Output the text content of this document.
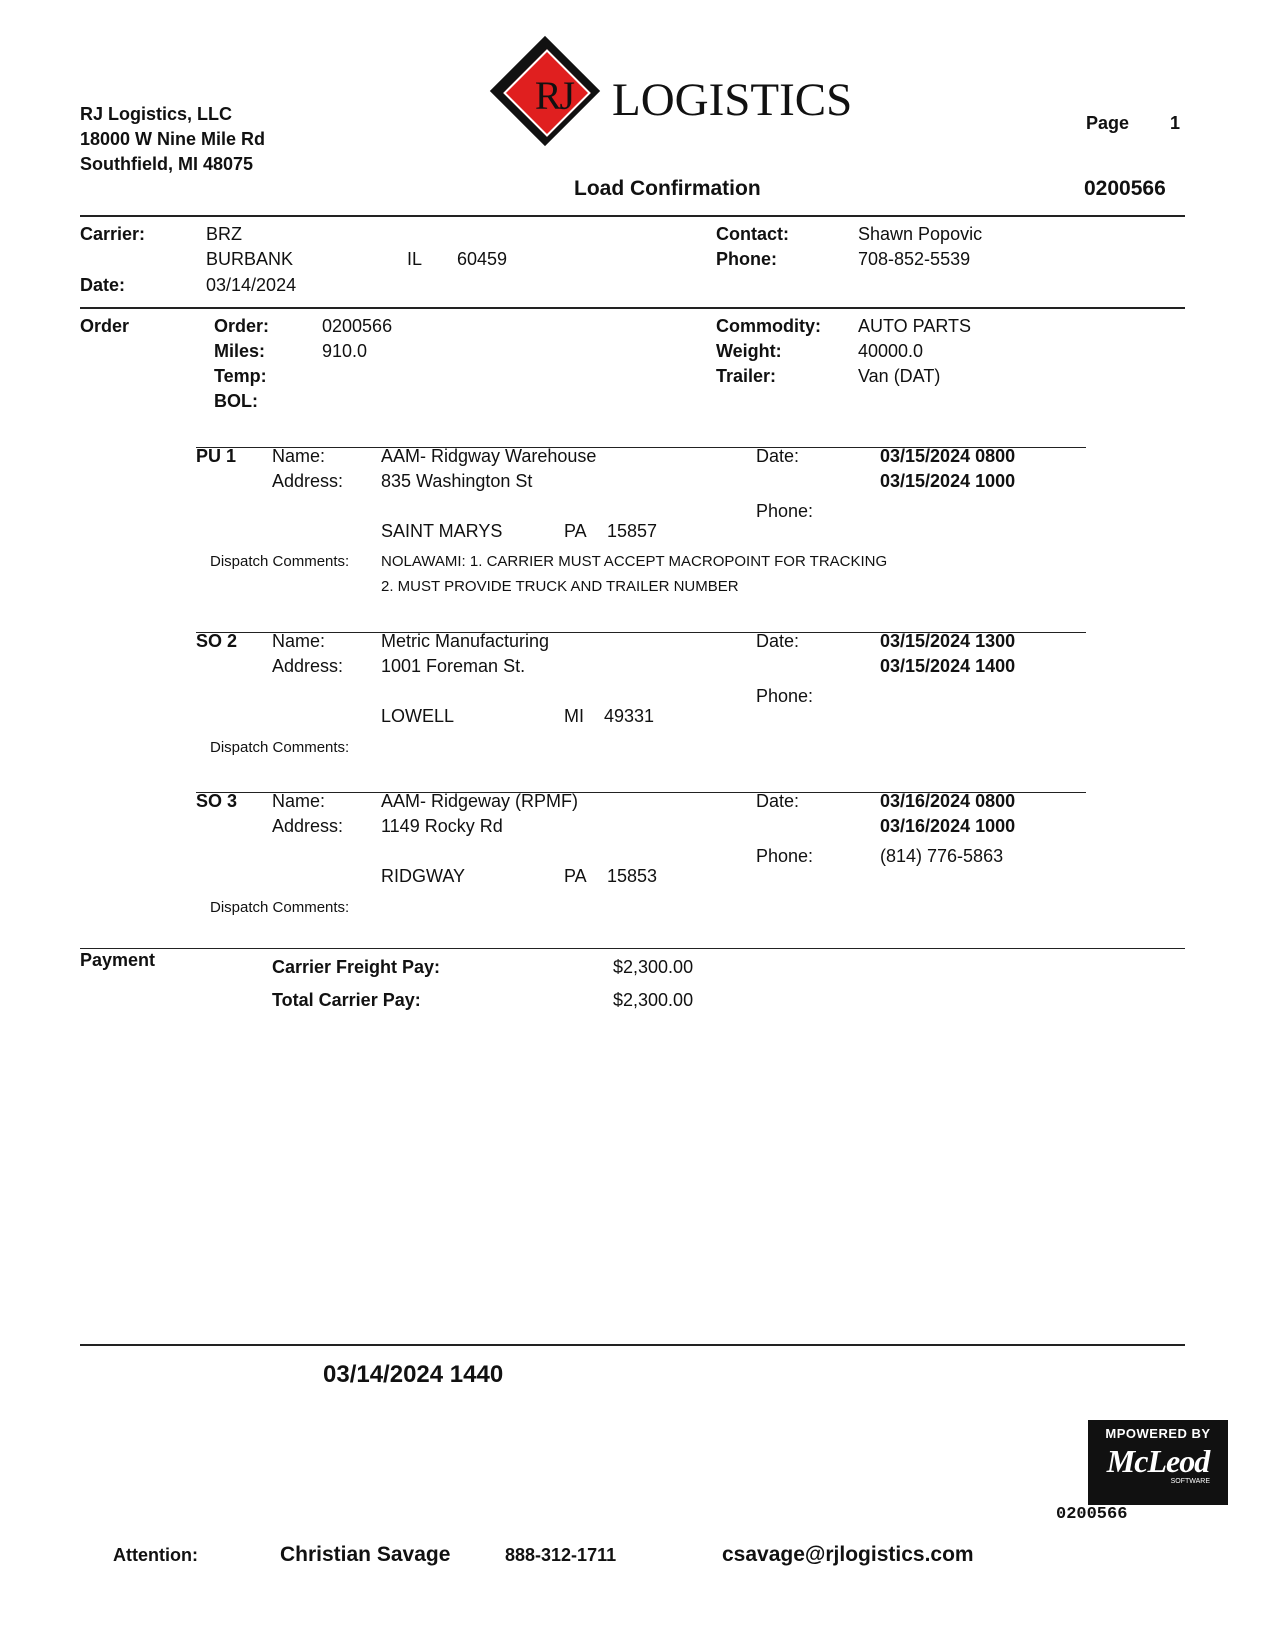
RJ Logistics, LLC
18000 W Nine Mile Rd
Southfield, MI 48075
RJ LOGISTICS	Page 1
Load Confirmation	0200566
Carrier:	BRZ
BURBANK	IL 60459
Date:	03/14/2024
Contact:	Shawn Popovic
Phone:	708-852-5539
Order	Order:	0200566
Miles:	910.0
Temp:
BOL:
Commodity: AUTO PARTS
Weight:	40000.0
Trailer:	Van (DAT)
PU 1 Name:	AAM- Ridgway Warehouse
Address: 835 Washington St
SAINT MARYS	PA 15857
Date:	03/15/2024 0800
03/15/2024 1000
Phone:
Dispatch Comments: NOLAWAMI: 1. CARRIER MUST ACCEPT MACROPOINT FOR TRACKING
2. MUST PROVIDE TRUCK AND TRAILER NUMBER
SO 2 Name:	Metric Manufacturing
Address: 1001 Foreman St.
LOWELL	MI 49331
Date:	03/15/2024 1300
03/15/2024 1400
Phone:
Dispatch Comments:
SO 3 Name:	AAM- Ridgeway (RPMF)
Address: 1149 Rocky Rd
RIDGWAY	PA 15853
Date:	03/16/2024 0800
03/16/2024 1000
Phone:	(814) 776-5863
Dispatch Comments:
Payment	Carrier Freight Pay:	$2,300.00
Total Carrier Pay:	$2,300.00
03/14/2024 1440
MPOWERED BY
McLeod
SOFTWARE
0200566
Attention:	Christian Savage	888-312-1711	csavage@rjlogistics.com
